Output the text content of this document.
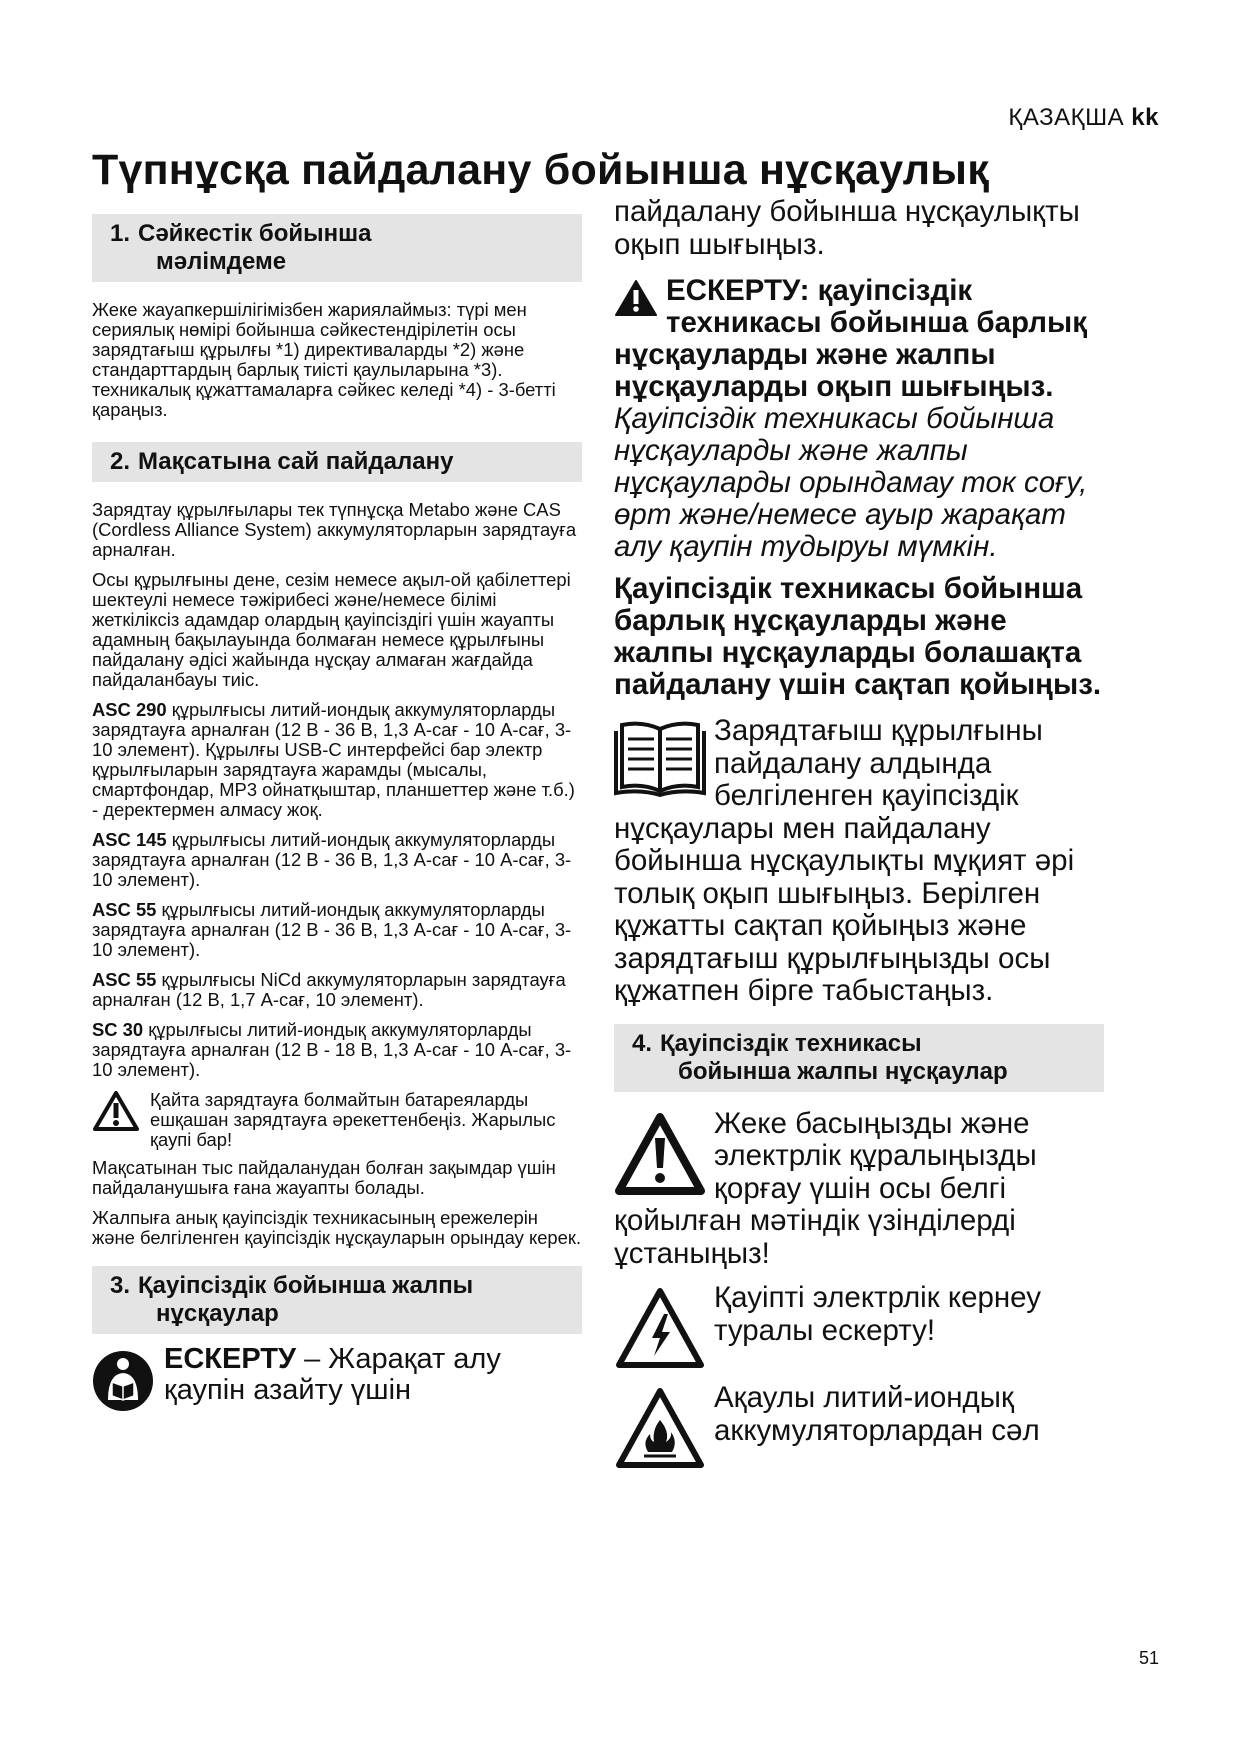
ҚАЗАҚША kk
Түпнұсқа пайдалану бойынша нұсқаулық
1. Сәйкестік бойынша
мәлімдеме

Жеке жауапкершілігімізбен жариялаймыз: түрі мен сериялық нөмірі бойынша сәйкестендірілетін осы зарядтағыш құрылғы *1) директиваларды *2) және стандарттардың барлық тиісті қаулыларына *3). техникалық құжаттамаларға сәйкес келеді *4) - 3-бетті қараңыз.

2. Мақсатына сай пайдалану

Зарядтау құрылғылары тек түпнұсқа Metabo және CAS (Cordless Alliance System) аккумуляторларын зарядтауға арналған.

Осы құрылғыны дене, сезім немесе ақыл-ой қабілеттері шектеулі немесе тәжірибесі және/немесе білімі жеткіліксіз адамдар олардың қауіпсіздігі үшін жауапты адамның бақылауында болмаған немесе құрылғыны пайдалану әдісі жайында нұсқау алмаған жағдайда пайдаланбауы тиіс.

ASC 290 құрылғысы литий-иондық аккумуляторларды зарядтауға арналған (12 В - 36 В, 1,3 А-сағ - 10 А-сағ, 3-10 элемент). Құрылғы USB-C интерфейсі бар электр құрылғыларын зарядтауға жарамды (мысалы, смартфондар, MP3 ойнатқыштар, планшеттер және т.б.) - деректермен алмасу жоқ.

ASC 145 құрылғысы литий-иондық аккумуляторларды зарядтауға арналған (12 В - 36 В, 1,3 А-сағ - 10 А-сағ, 3-10 элемент).

ASC 55 құрылғысы литий-иондық аккумуляторларды зарядтауға арналған (12 В - 36 В, 1,3 А-сағ - 10 А-сағ, 3-10 элемент).

ASC 55 құрылғысы NiCd аккумуляторларын зарядтауға арналған (12 В, 1,7 А-сағ, 10 элемент).

SC 30 құрылғысы литий-иондық аккумуляторларды зарядтауға арналған (12 В - 18 В, 1,3 А-сағ - 10 А-сағ, 3-10 элемент).

Қайта зарядтауға болмайтын батареяларды ешқашан зарядтауға әрекеттенбеңіз. Жарылыс қаупі бар!

Мақсатынан тыс пайдаланудан болған зақымдар үшін пайдаланушыға ғана жауапты болады.

Жалпыға анық қауіпсіздік техникасының ережелерін және белгіленген қауіпсіздік нұсқауларын орындау керек.

3. Қауіпсіздік бойынша жалпы
нұсқаулар

ЕСКЕРТУ – Жарақат алу қаупін азайту үшін

пайдалану бойынша нұсқаулықты оқып шығыңыз.

ЕСКЕРТУ: қауіпсіздік техникасы бойынша барлық нұсқауларды және жалпы нұсқауларды оқып шығыңыз. Қауіпсіздік техникасы бойынша нұсқауларды және жалпы нұсқауларды орындамау ток соғу, өрт және/немесе ауыр жарақат алу қаупін тудыруы мүмкін.

Қауіпсіздік техникасы бойынша барлық нұсқауларды және жалпы нұсқауларды болашақта пайдалану үшін сақтап қойыңыз.

Зарядтағыш құрылғыны пайдалану алдында белгіленген қауіпсіздік нұсқаулары мен пайдалану бойынша нұсқаулықты мұқият әрі толық оқып шығыңыз. Берілген құжатты сақтап қойыңыз және зарядтағыш құрылғыңызды осы құжатпен бірге табыстаңыз.

4. Қауіпсіздік техникасы
бойынша жалпы нұсқаулар

Жеке басыңызды және электрлік құралыңызды қорғау үшін осы белгі қойылған мәтіндік үзінділерді ұстаныңыз!

Қауіпті электрлік кернеу туралы ескерту!

Ақаулы литий-иондық аккумуляторлардан сәл

51
